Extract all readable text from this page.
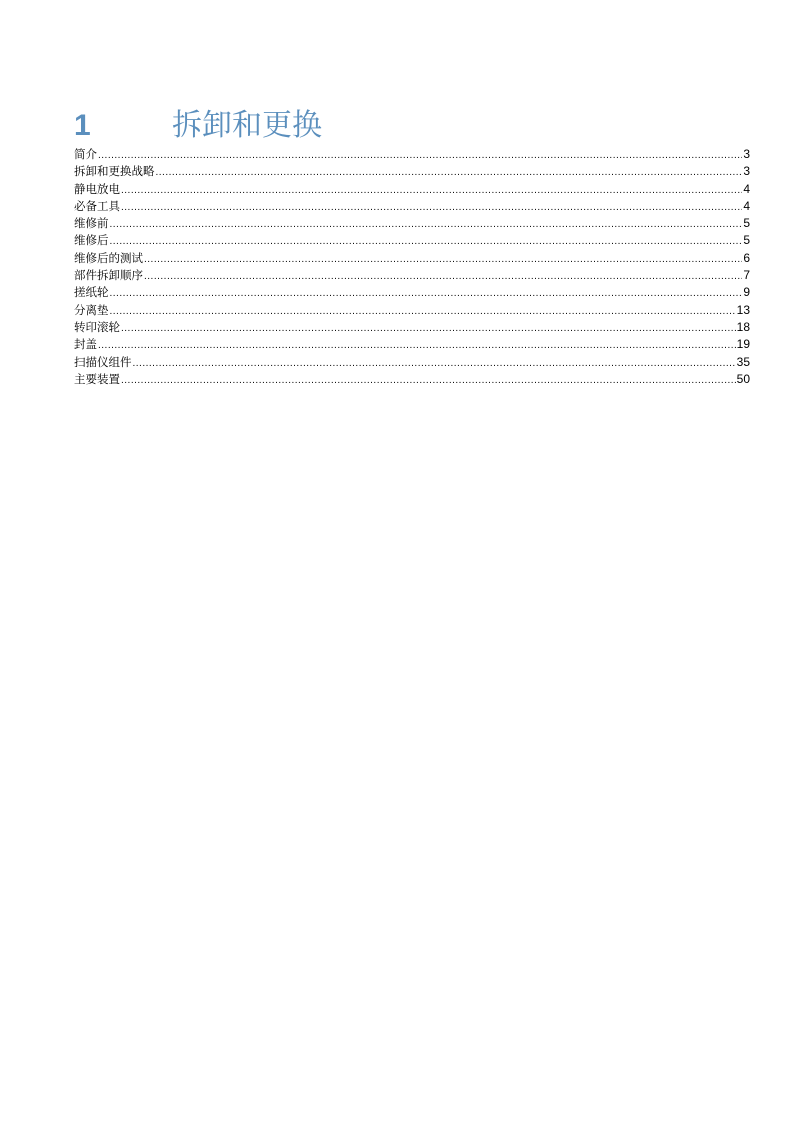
1	拆卸和更换
简介 .....	3
拆卸和更换战略 .....	3
静电放电 .....	4
必备工具 .....	4
维修前 .....	5
维修后 .....	5
维修后的测试 .....	6
部件拆卸顺序 .....	7
搓纸轮 .....	9
分离垫 .....	13
转印滚轮 .....	18
封盖 .....	19
扫描仪组件 .....	35
主要装置 .....	50
